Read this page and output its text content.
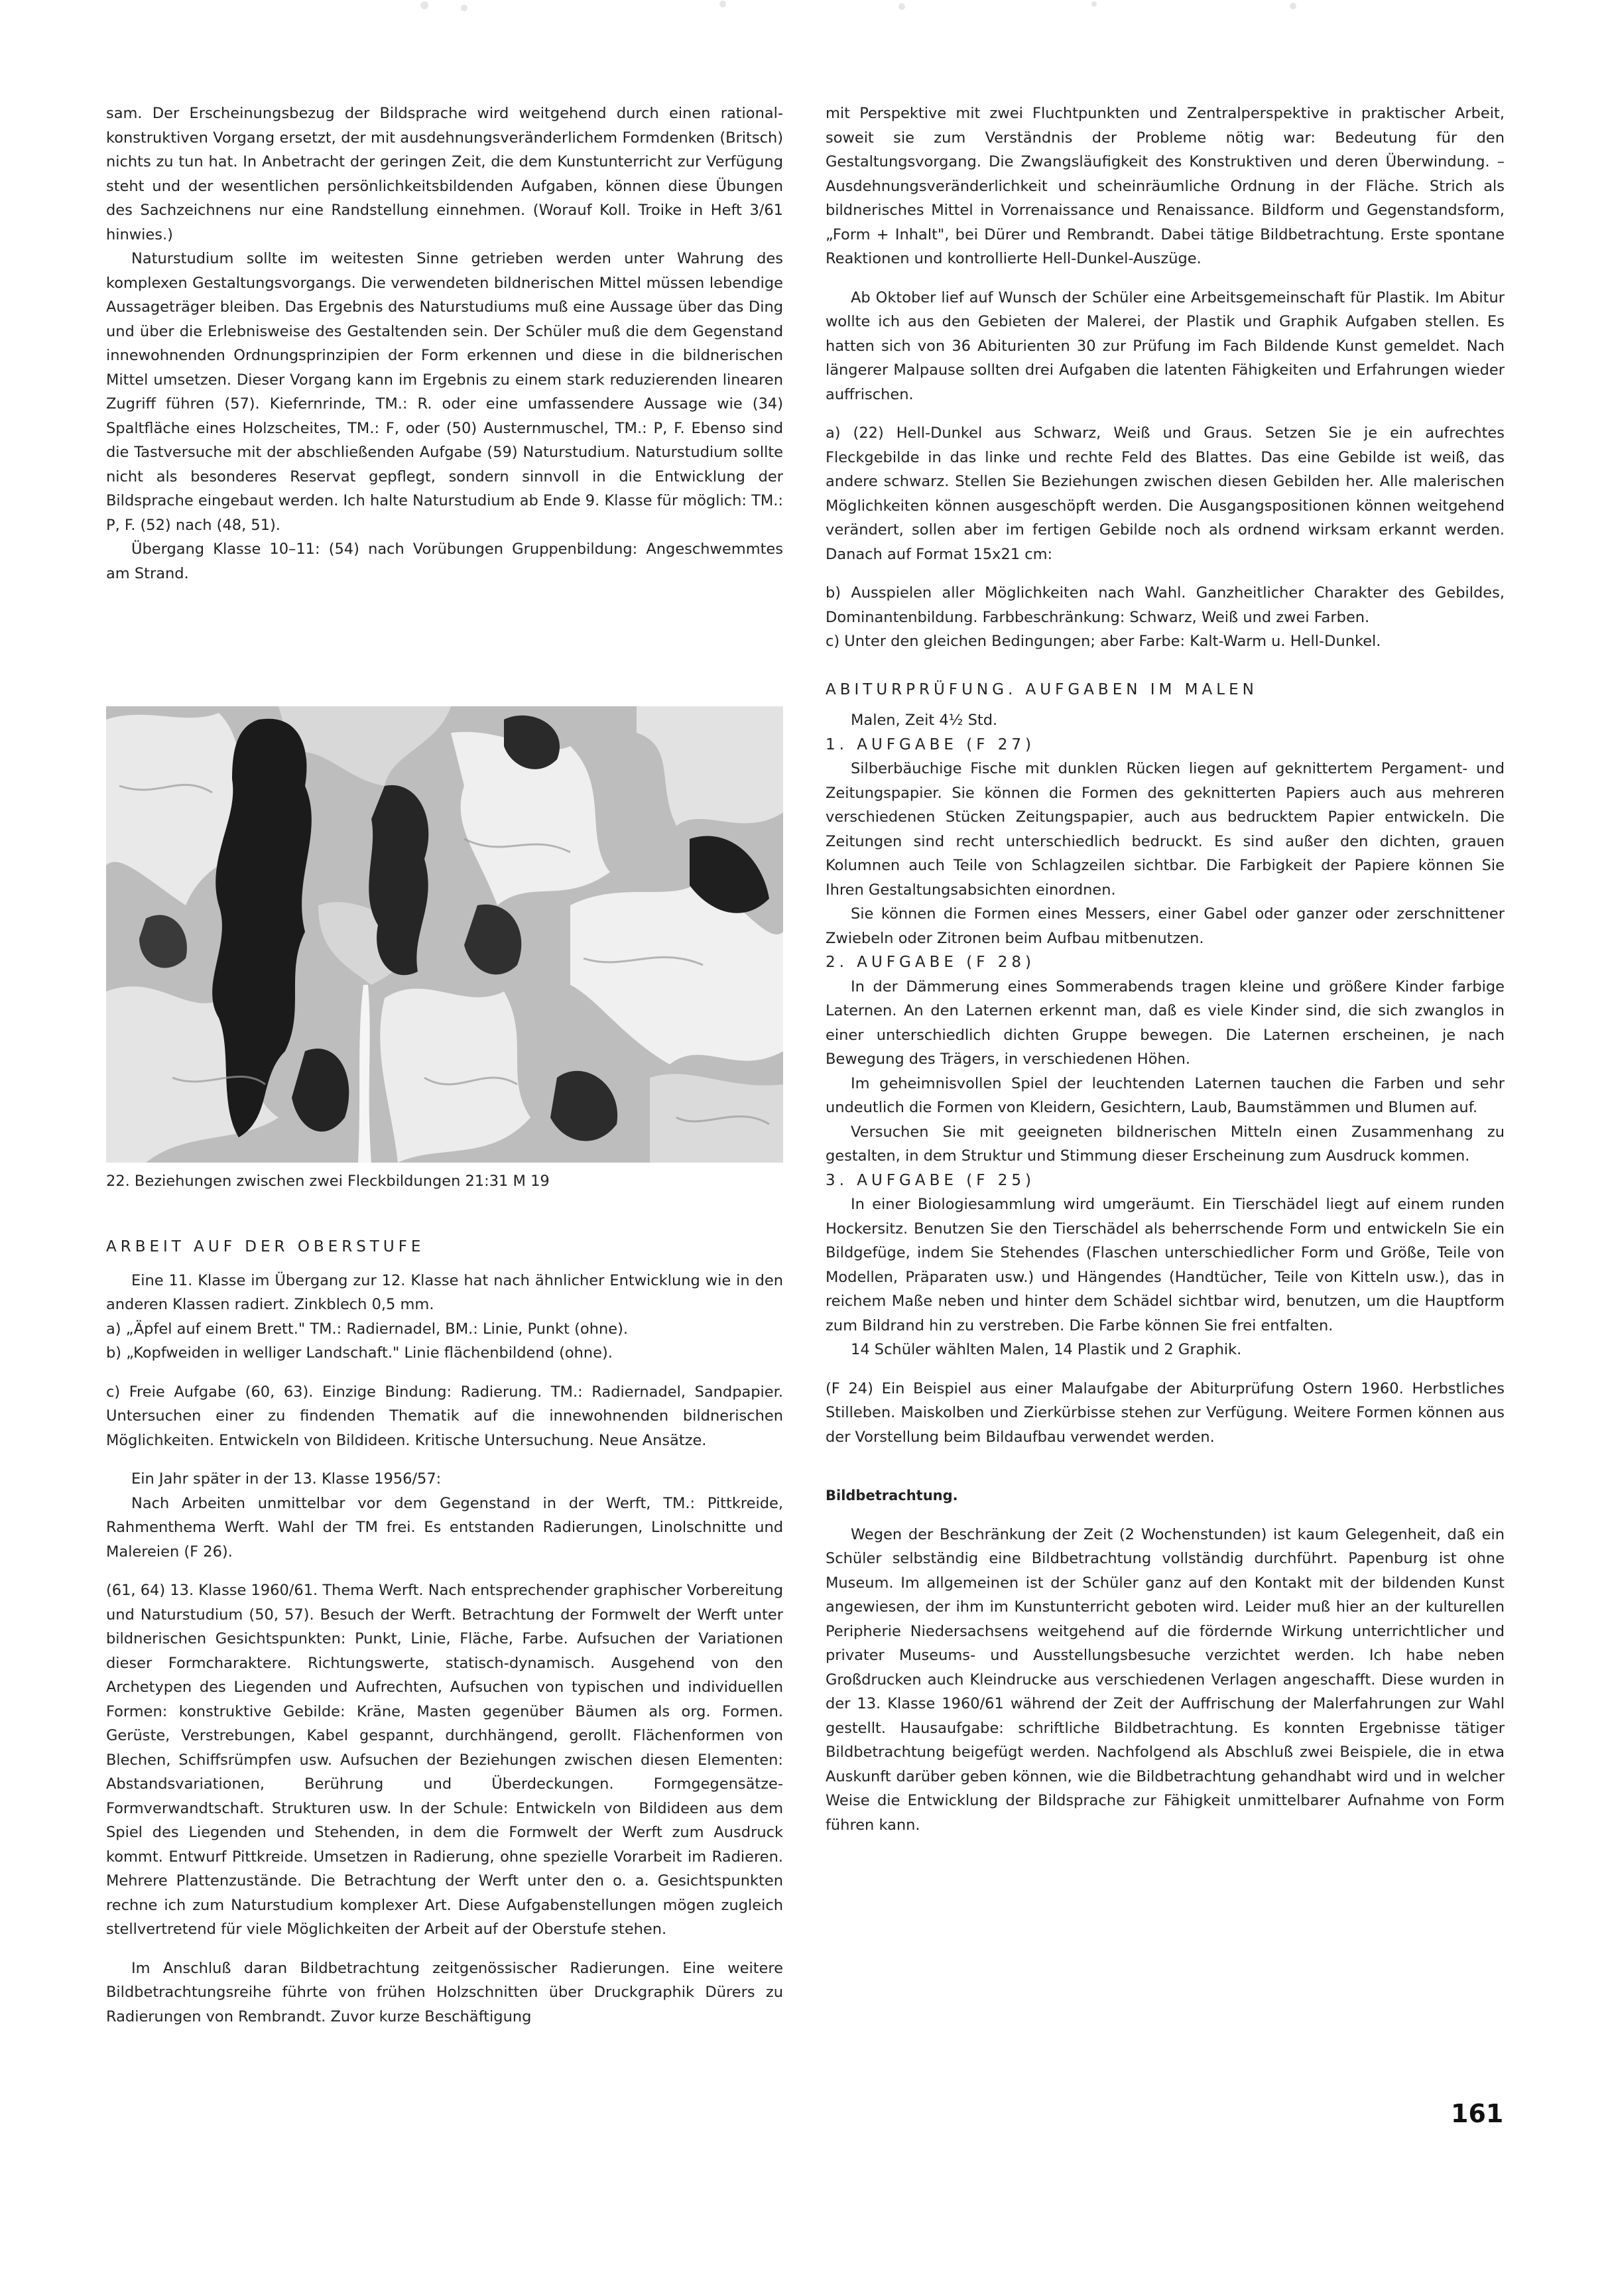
sam. Der Erscheinungsbezug der Bildsprache wird weitgehend durch einen rational-konstruktiven Vorgang ersetzt, der mit ausdehnungsveränderlichem Formdenken (Britsch) nichts zu tun hat. In Anbetracht der geringen Zeit, die dem Kunstunterricht zur Verfügung steht und der wesentlichen persönlichkeitsbildenden Aufgaben, können diese Übungen des Sachzeichnens nur eine Randstellung einnehmen. (Worauf Koll. Troike in Heft 3/61 hinwies.)

Naturstudium sollte im weitesten Sinne getrieben werden unter Wahrung des komplexen Gestaltungsvorgangs. Die verwendeten bildnerischen Mittel müssen lebendige Aussageträger bleiben. Das Ergebnis des Naturstudiums muß eine Aussage über das Ding und über die Erlebnisweise des Gestaltenden sein. Der Schüler muß die dem Gegenstand innewohnenden Ordnungsprinzipien der Form erkennen und diese in die bildnerischen Mittel umsetzen. Dieser Vorgang kann im Ergebnis zu einem stark reduzierenden linearen Zugriff führen (57). Kiefernrinde, TM.: R. oder eine umfassendere Aussage wie (34) Spaltfläche eines Holzscheites, TM.: F, oder (50) Austernmuschel, TM.: P, F. Ebenso sind die Tastversuche mit der abschließenden Aufgabe (59) Naturstudium. Naturstudium sollte nicht als besonderes Reservat gepflegt, sondern sinnvoll in die Entwicklung der Bildsprache eingebaut werden. Ich halte Naturstudium ab Ende 9. Klasse für möglich: TM.: P, F. (52) nach (48, 51).

Übergang Klasse 10–11: (54) nach Vorübungen Gruppenbildung: Angeschwemmtes am Strand.

22. Beziehungen zwischen zwei Fleckbildungen 21:31 M 19

ARBEIT AUF DER OBERSTUFE

Eine 11. Klasse im Übergang zur 12. Klasse hat nach ähnlicher Entwicklung wie in den anderen Klassen radiert. Zinkblech 0,5 mm.

a) „Äpfel auf einem Brett." TM.: Radiernadel, BM.: Linie, Punkt (ohne).

b) „Kopfweiden in welliger Landschaft." Linie flächenbildend (ohne).

c) Freie Aufgabe (60, 63). Einzige Bindung: Radierung. TM.: Radiernadel, Sandpapier. Untersuchen einer zu findenden Thematik auf die innewohnenden bildnerischen Möglichkeiten. Entwickeln von Bildideen. Kritische Untersuchung. Neue Ansätze.

Ein Jahr später in der 13. Klasse 1956/57:

Nach Arbeiten unmittelbar vor dem Gegenstand in der Werft, TM.: Pittkreide, Rahmenthema Werft. Wahl der TM frei. Es entstanden Radierungen, Linolschnitte und Malereien (F 26).

(61, 64) 13. Klasse 1960/61. Thema Werft. Nach entsprechender graphischer Vorbereitung und Naturstudium (50, 57). Besuch der Werft. Betrachtung der Formwelt der Werft unter bildnerischen Gesichtspunkten: Punkt, Linie, Fläche, Farbe. Aufsuchen der Variationen dieser Formcharaktere. Richtungswerte, statisch-dynamisch. Ausgehend von den Archetypen des Liegenden und Aufrechten, Aufsuchen von typischen und individuellen Formen: konstruktive Gebilde: Kräne, Masten gegenüber Bäumen als org. Formen. Gerüste, Verstrebungen, Kabel gespannt, durchhängend, gerollt. Flächenformen von Blechen, Schiffsrümpfen usw. Aufsuchen der Beziehungen zwischen diesen Elementen: Abstandsvariationen, Berührung und Überdeckungen. Formgegensätze-Formverwandtschaft. Strukturen usw. In der Schule: Entwickeln von Bildideen aus dem Spiel des Liegenden und Stehenden, in dem die Formwelt der Werft zum Ausdruck kommt. Entwurf Pittkreide. Umsetzen in Radierung, ohne spezielle Vorarbeit im Radieren. Mehrere Plattenzustände. Die Betrachtung der Werft unter den o. a. Gesichtspunkten rechne ich zum Naturstudium komplexer Art. Diese Aufgabenstellungen mögen zugleich stellvertretend für viele Möglichkeiten der Arbeit auf der Oberstufe stehen.

Im Anschluß daran Bildbetrachtung zeitgenössischer Radierungen. Eine weitere Bildbetrachtungsreihe führte von frühen Holzschnitten über Druckgraphik Dürers zu Radierungen von Rembrandt. Zuvor kurze Beschäftigung

mit Perspektive mit zwei Fluchtpunkten und Zentralperspektive in praktischer Arbeit, soweit sie zum Verständnis der Probleme nötig war: Bedeutung für den Gestaltungsvorgang. Die Zwangsläufigkeit des Konstruktiven und deren Überwindung. – Ausdehnungsveränderlichkeit und scheinräumliche Ordnung in der Fläche. Strich als bildnerisches Mittel in Vorrenaissance und Renaissance. Bildform und Gegenstandsform, „Form + Inhalt", bei Dürer und Rembrandt. Dabei tätige Bildbetrachtung. Erste spontane Reaktionen und kontrollierte Hell-Dunkel-Auszüge.

Ab Oktober lief auf Wunsch der Schüler eine Arbeitsgemeinschaft für Plastik. Im Abitur wollte ich aus den Gebieten der Malerei, der Plastik und Graphik Aufgaben stellen. Es hatten sich von 36 Abiturienten 30 zur Prüfung im Fach Bildende Kunst gemeldet. Nach längerer Malpause sollten drei Aufgaben die latenten Fähigkeiten und Erfahrungen wieder auffrischen.

a) (22) Hell-Dunkel aus Schwarz, Weiß und Graus. Setzen Sie je ein aufrechtes Fleckgebilde in das linke und rechte Feld des Blattes. Das eine Gebilde ist weiß, das andere schwarz. Stellen Sie Beziehungen zwischen diesen Gebilden her. Alle malerischen Möglichkeiten können ausgeschöpft werden. Die Ausgangspositionen können weitgehend verändert, sollen aber im fertigen Gebilde noch als ordnend wirksam erkannt werden. Danach auf Format 15x21 cm:

b) Ausspielen aller Möglichkeiten nach Wahl. Ganzheitlicher Charakter des Gebildes, Dominantenbildung. Farbbeschränkung: Schwarz, Weiß und zwei Farben.

c) Unter den gleichen Bedingungen; aber Farbe: Kalt-Warm u. Hell-Dunkel.

ABITURPRÜFUNG. AUFGABEN IM MALEN

Malen, Zeit 4½ Std.

1. AUFGABE (F 27)

Silberbäuchige Fische mit dunklen Rücken liegen auf geknittertem Pergament- und Zeitungspapier. Sie können die Formen des geknitterten Papiers auch aus mehreren verschiedenen Stücken Zeitungspapier, auch aus bedrucktem Papier entwickeln. Die Zeitungen sind recht unterschiedlich bedruckt. Es sind außer den dichten, grauen Kolumnen auch Teile von Schlagzeilen sichtbar. Die Farbigkeit der Papiere können Sie Ihren Gestaltungsabsichten einordnen.

Sie können die Formen eines Messers, einer Gabel oder ganzer oder zerschnittener Zwiebeln oder Zitronen beim Aufbau mitbenutzen.

2. AUFGABE (F 28)

In der Dämmerung eines Sommerabends tragen kleine und größere Kinder farbige Laternen. An den Laternen erkennt man, daß es viele Kinder sind, die sich zwanglos in einer unterschiedlich dichten Gruppe bewegen. Die Laternen erscheinen, je nach Bewegung des Trägers, in verschiedenen Höhen.

Im geheimnisvollen Spiel der leuchtenden Laternen tauchen die Farben und sehr undeutlich die Formen von Kleidern, Gesichtern, Laub, Baumstämmen und Blumen auf.

Versuchen Sie mit geeigneten bildnerischen Mitteln einen Zusammenhang zu gestalten, in dem Struktur und Stimmung dieser Erscheinung zum Ausdruck kommen.

3. AUFGABE (F 25)

In einer Biologiesammlung wird umgeräumt. Ein Tierschädel liegt auf einem runden Hockersitz. Benutzen Sie den Tierschädel als beherrschende Form und entwickeln Sie ein Bildgefüge, indem Sie Stehendes (Flaschen unterschiedlicher Form und Größe, Teile von Modellen, Präparaten usw.) und Hängendes (Handtücher, Teile von Kitteln usw.), das in reichem Maße neben und hinter dem Schädel sichtbar wird, benutzen, um die Hauptform zum Bildrand hin zu verstreben. Die Farbe können Sie frei entfalten.

14 Schüler wählten Malen, 14 Plastik und 2 Graphik.

(F 24) Ein Beispiel aus einer Malaufgabe der Abiturprüfung Ostern 1960. Herbstliches Stilleben. Maiskolben und Zierkürbisse stehen zur Verfügung. Weitere Formen können aus der Vorstellung beim Bildaufbau verwendet werden.

Bildbetrachtung.

Wegen der Beschränkung der Zeit (2 Wochenstunden) ist kaum Gelegenheit, daß ein Schüler selbständig eine Bildbetrachtung vollständig durchführt. Papenburg ist ohne Museum. Im allgemeinen ist der Schüler ganz auf den Kontakt mit der bildenden Kunst angewiesen, der ihm im Kunstunterricht geboten wird. Leider muß hier an der kulturellen Peripherie Niedersachsens weitgehend auf die fördernde Wirkung unterrichtlicher und privater Museums- und Ausstellungsbesuche verzichtet werden. Ich habe neben Großdrucken auch Kleindrucke aus verschiedenen Verlagen angeschafft. Diese wurden in der 13. Klasse 1960/61 während der Zeit der Auffrischung der Malerfahrungen zur Wahl gestellt. Hausaufgabe: schriftliche Bildbetrachtung. Es konnten Ergebnisse tätiger Bildbetrachtung beigefügt werden. Nachfolgend als Abschluß zwei Beispiele, die in etwa Auskunft darüber geben können, wie die Bildbetrachtung gehandhabt wird und in welcher Weise die Entwicklung der Bildsprache zur Fähigkeit unmittelbarer Aufnahme von Form führen kann.

161
